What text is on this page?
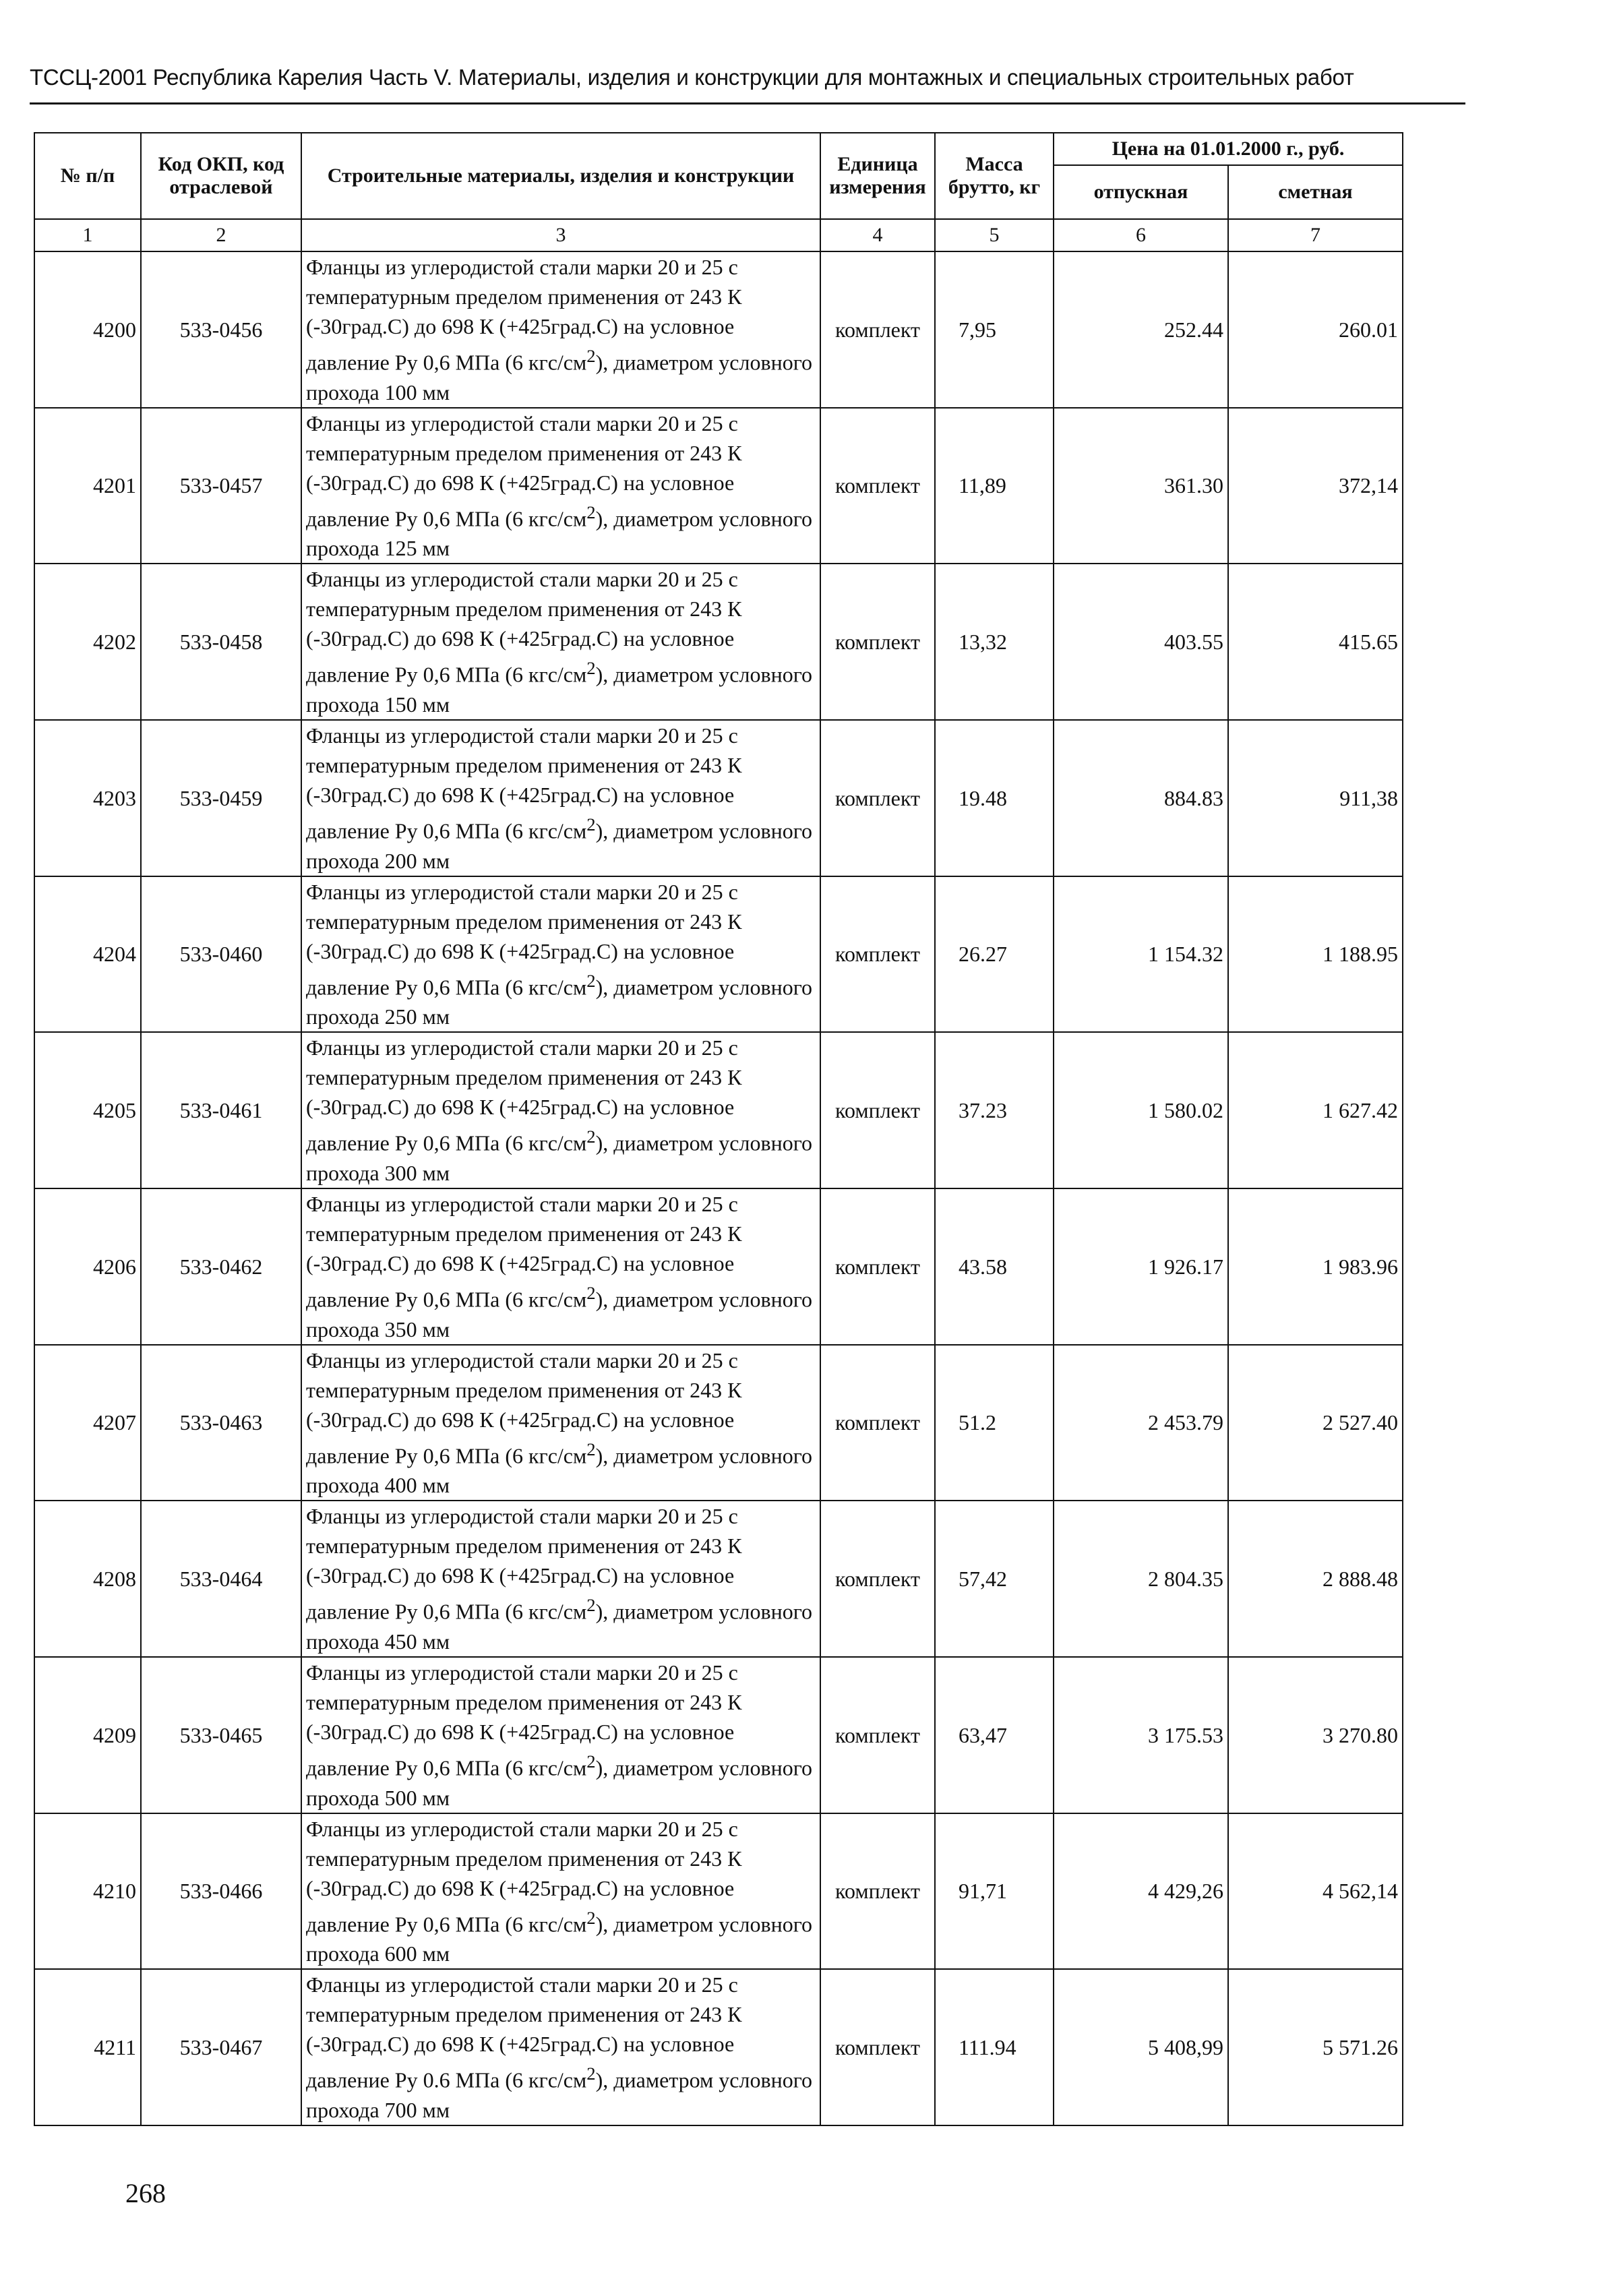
ТССЦ-2001 Республика Карелия Часть V. Материалы, изделия и конструкции для монтажных и специальных строительных работ
№ п/п	Код ОКП, код отраслевой	Строительные материалы, изделия и конструкции	Единица измерения	Масса брутто, кг	Цена на 01.01.2000 г., руб.	
					отпускная	сметная
1	2	3	4	5	6	7
4200	533-0456	Фланцы из углеродистой стали марки 20 и 25 с температурным пределом применения от 243 К (-30град.С) до 698 К (+425град.С) на условное давление Ру 0,6 МПа (6 кгс/$см^2$), диаметром условного прохода 100 мм	комплект	7,95	252.44	260.01
4201	533-0457	Фланцы из углеродистой стали марки 20 и 25 с температурным пределом применения от 243 К (-30град.С) до 698 К (+425град.С) на условное давление Ру 0,6 МПа (6 кгс/$см^2$), диаметром условного прохода 125 мм	комплект	11,89	361.30	372,14
4202	533-0458	Фланцы из углеродистой стали марки 20 и 25 с температурным пределом применения от 243 К (-30град.С) до 698 К (+425град.С) на условное давление Ру 0,6 МПа (6 кгс/$см^2$), диаметром условного прохода 150 мм	комплект	13,32	403.55	415.65
4203	533-0459	Фланцы из углеродистой стали марки 20 и 25 с температурным пределом применения от 243 К (-30град.С) до 698 К (+425град.С) на условное давление Ру 0,6 МПа (6 кгс/$см^2$), диаметром условного прохода 200 мм	комплект	19.48	884.83	911,38
4204	533-0460	Фланцы из углеродистой стали марки 20 и 25 с температурным пределом применения от 243 К (-30град.С) до 698 К (+425град.С) на условное давление Ру 0,6 МПа (6 кгс/$см^2$), диаметром условного прохода 250 мм	комплект	26.27	1 154.32	1 188.95
4205	533-0461	Фланцы из углеродистой стали марки 20 и 25 с температурным пределом применения от 243 К (-30град.С) до 698 К (+425град.С) на условное давление Ру 0,6 МПа (6 кгс/$см^2$), диаметром условного прохода 300 мм	комплект	37.23	1 580.02	1 627.42
4206	533-0462	Фланцы из углеродистой стали марки 20 и 25 с температурным пределом применения от 243 К (-30град.С) до 698 К (+425град.С) на условное давление Ру 0,6 МПа (6 кгс/$см^2$), диаметром условного прохода 350 мм	комплект	43.58	1 926.17	1 983.96
4207	533-0463	Фланцы из углеродистой стали марки 20 и 25 с температурным пределом применения от 243 К (-30град.С) до 698 К (+425град.С) на условное давление Ру 0,6 МПа (6 кгс/$см^2$), диаметром условного прохода 400 мм	комплект	51.2	2 453.79	2 527.40
4208	533-0464	Фланцы из углеродистой стали марки 20 и 25 с температурным пределом применения от 243 К (-30град.С) до 698 К (+425град.С) на условное давление Ру 0,6 МПа (6 кгс/$см^2$), диаметром условного прохода 450 мм	комплект	57,42	2 804.35	2 888.48
4209	533-0465	Фланцы из углеродистой стали марки 20 и 25 с температурным пределом применения от 243 К (-30град.С) до 698 К (+425град.С) на условное давление Ру 0,6 МПа (6 кгс/$см^2$), диаметром условного прохода 500 мм	комплект	63,47	3 175.53	3 270.80
4210	533-0466	Фланцы из углеродистой стали марки 20 и 25 с температурным пределом применения от 243 К (-30град.С) до 698 К (+425град.С) на условное давление Ру 0,6 МПа (6 кгс/$см^2$), диаметром условного прохода 600 мм	комплект	91,71	4 429,26	4 562,14
4211	533-0467	Фланцы из углеродистой стали марки 20 и 25 с температурным пределом применения от 243 К (-30град.С) до 698 К (+425град.С) на условное давление Ру 0.6 МПа (6 кгс/$см^2$), диаметром условного прохода 700 мм	комплект	111.94	5 408,99	5 571.26
268
